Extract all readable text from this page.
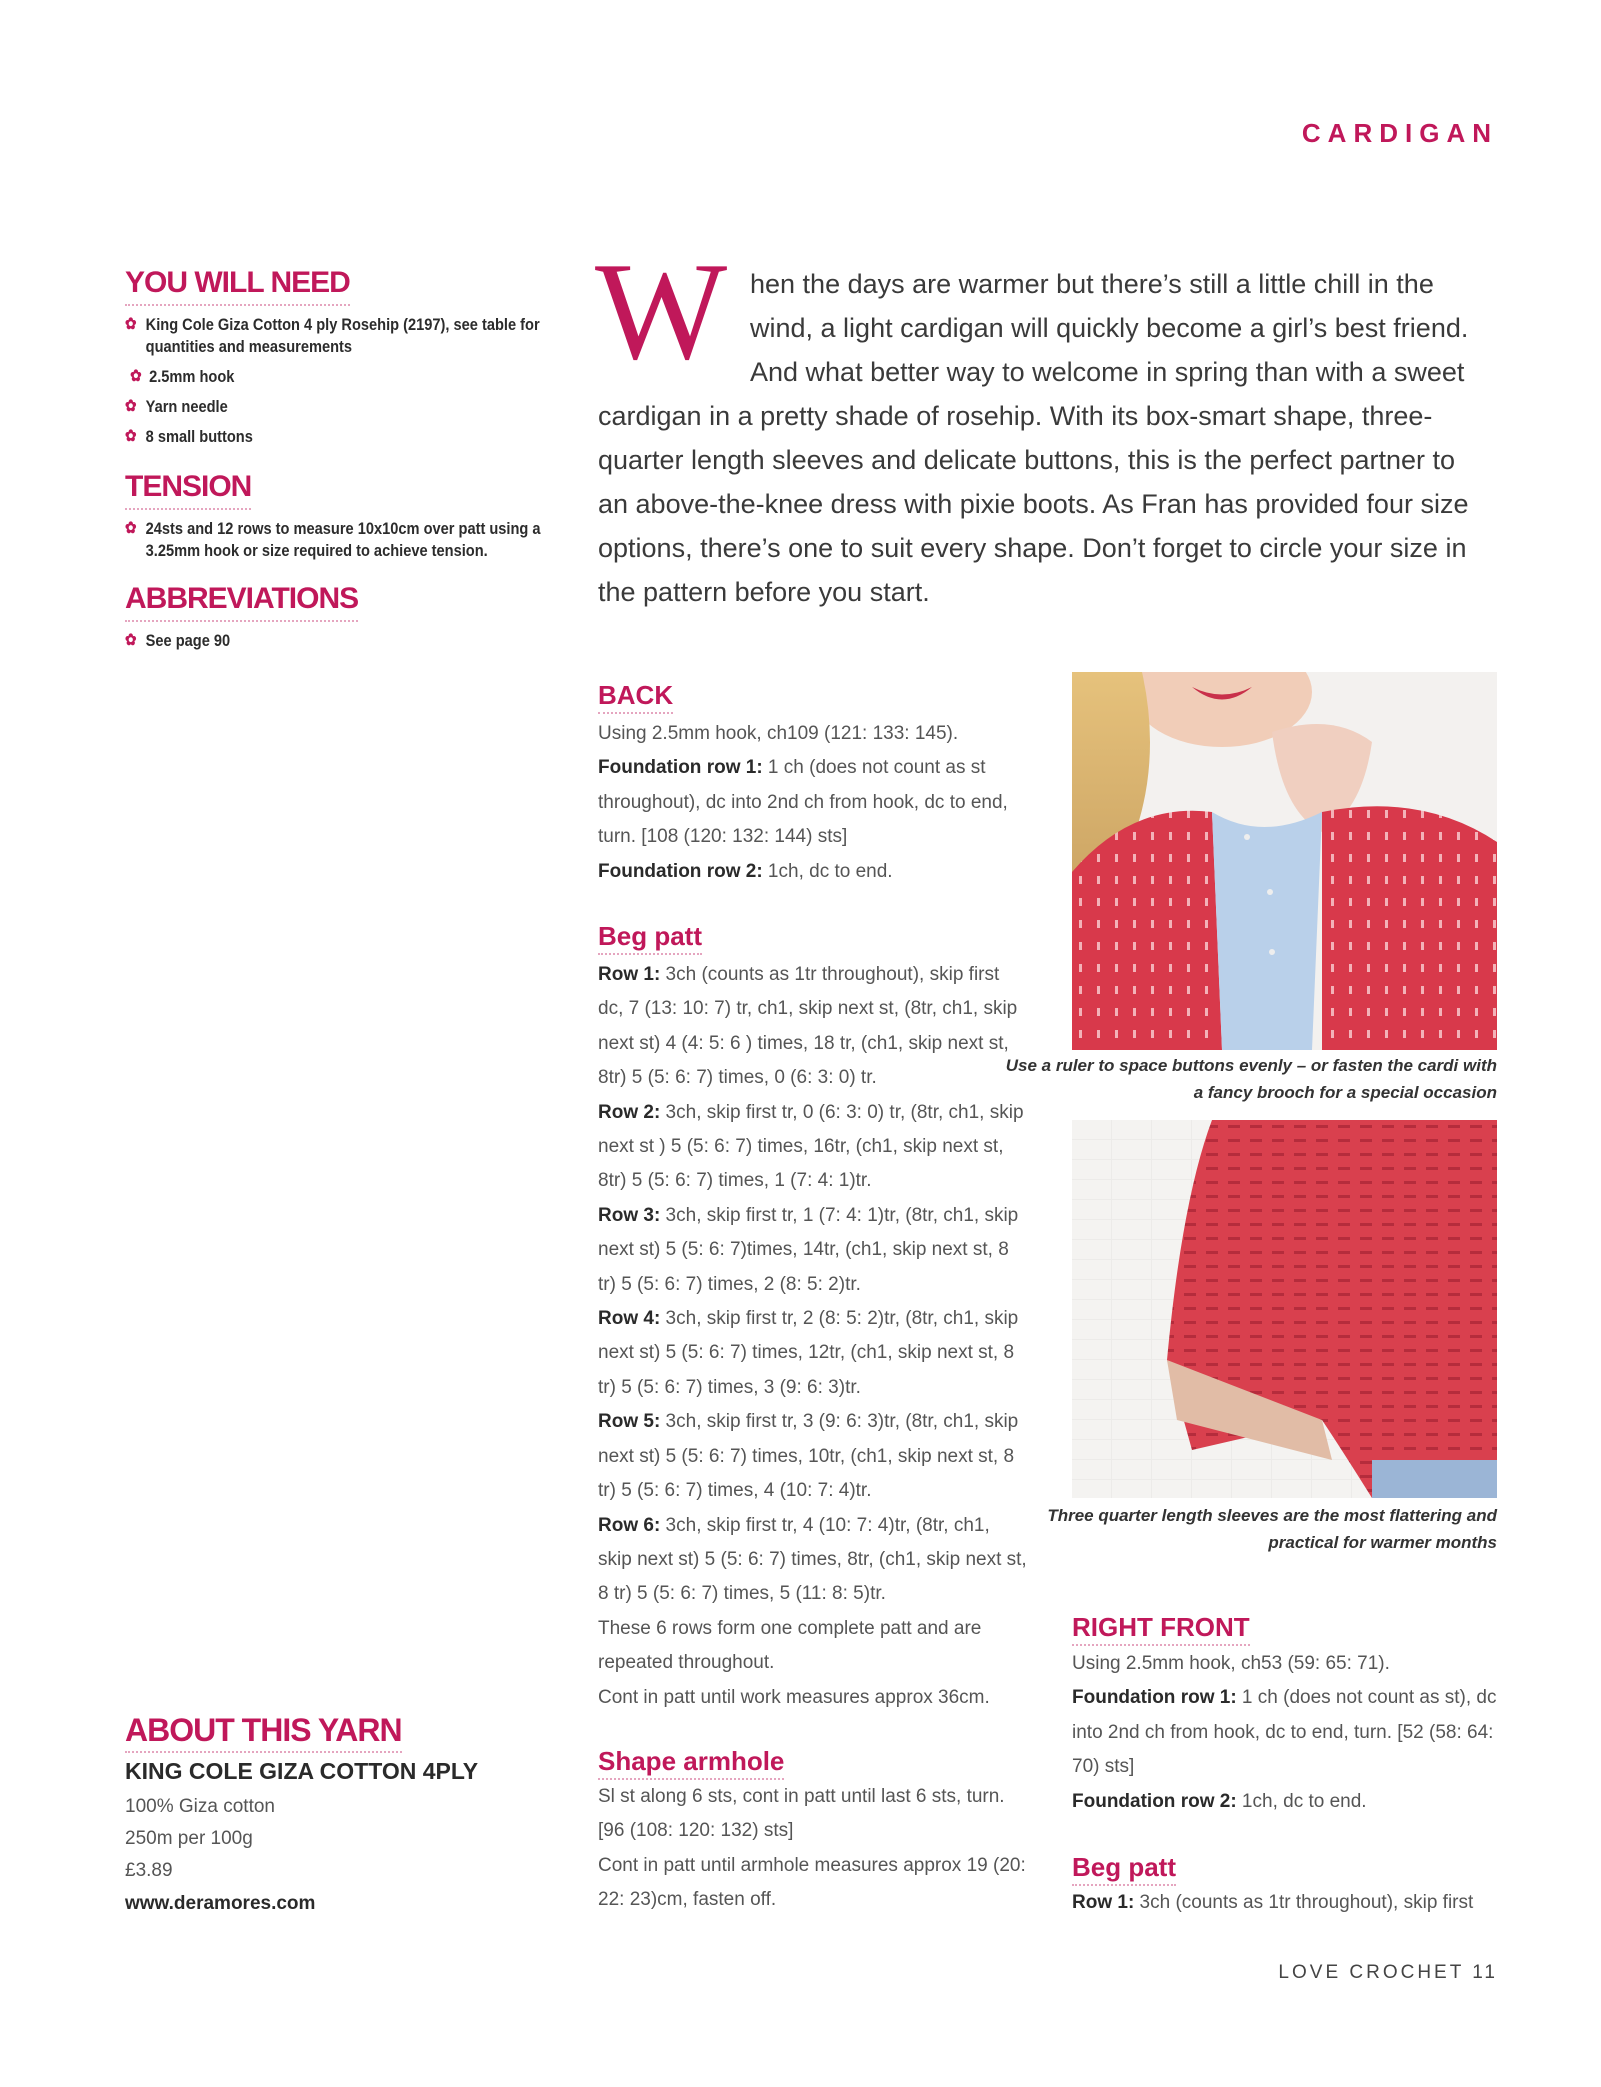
CARDIGAN
YOU WILL NEED
✿ King Cole Giza Cotton 4 ply Rosehip (2197), see table for quantities and measurements
✿ 2.5mm hook
✿ Yarn needle
✿ 8 small buttons
TENSION
✿ 24sts and 12 rows to measure 10x10cm over patt using a 3.25mm hook or size required to achieve tension.
ABBREVIATIONS
✿ See page 90
W hen the days are warmer but there’s still a little chill in the
wind, a light cardigan will quickly become a girl’s best friend.
And what better way to welcome in spring than with a sweet
cardigan in a pretty shade of rosehip. With its box-smart shape, three-
quarter length sleeves and delicate buttons, this is the perfect partner to
an above-the-knee dress with pixie boots. As Fran has provided four size
options, there’s one to suit every shape. Don’t forget to circle your size in
the pattern before you start.
BACK

Using 2.5mm hook, ch109 (121: 133: 145).

Foundation row 1: 1 ch (does not count as st throughout), dc into 2nd ch from hook, dc to end, turn. [108 (120: 132: 144) sts]

Foundation row 2: 1ch, dc to end.

Beg patt

Row 1: 3ch (counts as 1tr throughout), skip first dc, 7 (13: 10: 7) tr, ch1, skip next st, (8tr, ch1, skip next st) 4 (4: 5: 6 ) times, 18 tr, (ch1, skip next st, 8tr) 5 (5: 6: 7) times, 0 (6: 3: 0) tr.

Row 2: 3ch, skip first tr, 0 (6: 3: 0) tr, (8tr, ch1, skip next st ) 5 (5: 6: 7) times, 16tr, (ch1, skip next st, 8tr) 5 (5: 6: 7) times, 1 (7: 4: 1)tr.

Row 3: 3ch, skip first tr, 1 (7: 4: 1)tr, (8tr, ch1, skip next st) 5 (5: 6: 7)times, 14tr, (ch1, skip next st, 8 tr) 5 (5: 6: 7) times, 2 (8: 5: 2)tr.

Row 4: 3ch, skip first tr, 2 (8: 5: 2)tr, (8tr, ch1, skip next st) 5 (5: 6: 7) times, 12tr, (ch1, skip next st, 8 tr) 5 (5: 6: 7) times, 3 (9: 6: 3)tr.

Row 5: 3ch, skip first tr, 3 (9: 6: 3)tr, (8tr, ch1, skip next st) 5 (5: 6: 7) times, 10tr, (ch1, skip next st, 8 tr) 5 (5: 6: 7) times, 4 (10: 7: 4)tr.

Row 6: 3ch, skip first tr, 4 (10: 7: 4)tr, (8tr, ch1, skip next st) 5 (5: 6: 7) times, 8tr, (ch1, skip next st, 8 tr) 5 (5: 6: 7) times, 5 (11: 8: 5)tr.

These 6 rows form one complete patt and are repeated throughout.

Cont in patt until work measures approx 36cm.

Shape armhole

Sl st along 6 sts, cont in patt until last 6 sts, turn. [96 (108: 120: 132) sts]

Cont in patt until armhole measures approx 19 (20: 22: 23)cm, fasten off.

Use a ruler to space buttons evenly – or fasten the cardi with a fancy brooch for a special occasion
Three quarter length sleeves are the most flattering and practical for warmer months
RIGHT FRONT

Using 2.5mm hook, ch53 (59: 65: 71).

Foundation row 1: 1 ch (does not count as st), dc into 2nd ch from hook, dc to end, turn. [52 (58: 64: 70) sts]

Foundation row 2: 1ch, dc to end.

Beg patt

Row 1: 3ch (counts as 1tr throughout), skip first

ABOUT THIS YARN
KING COLE GIZA COTTON 4PLY
100% Giza cotton
250m per 100g
£3.89
www.deramores.com
LOVE CROCHET 11
